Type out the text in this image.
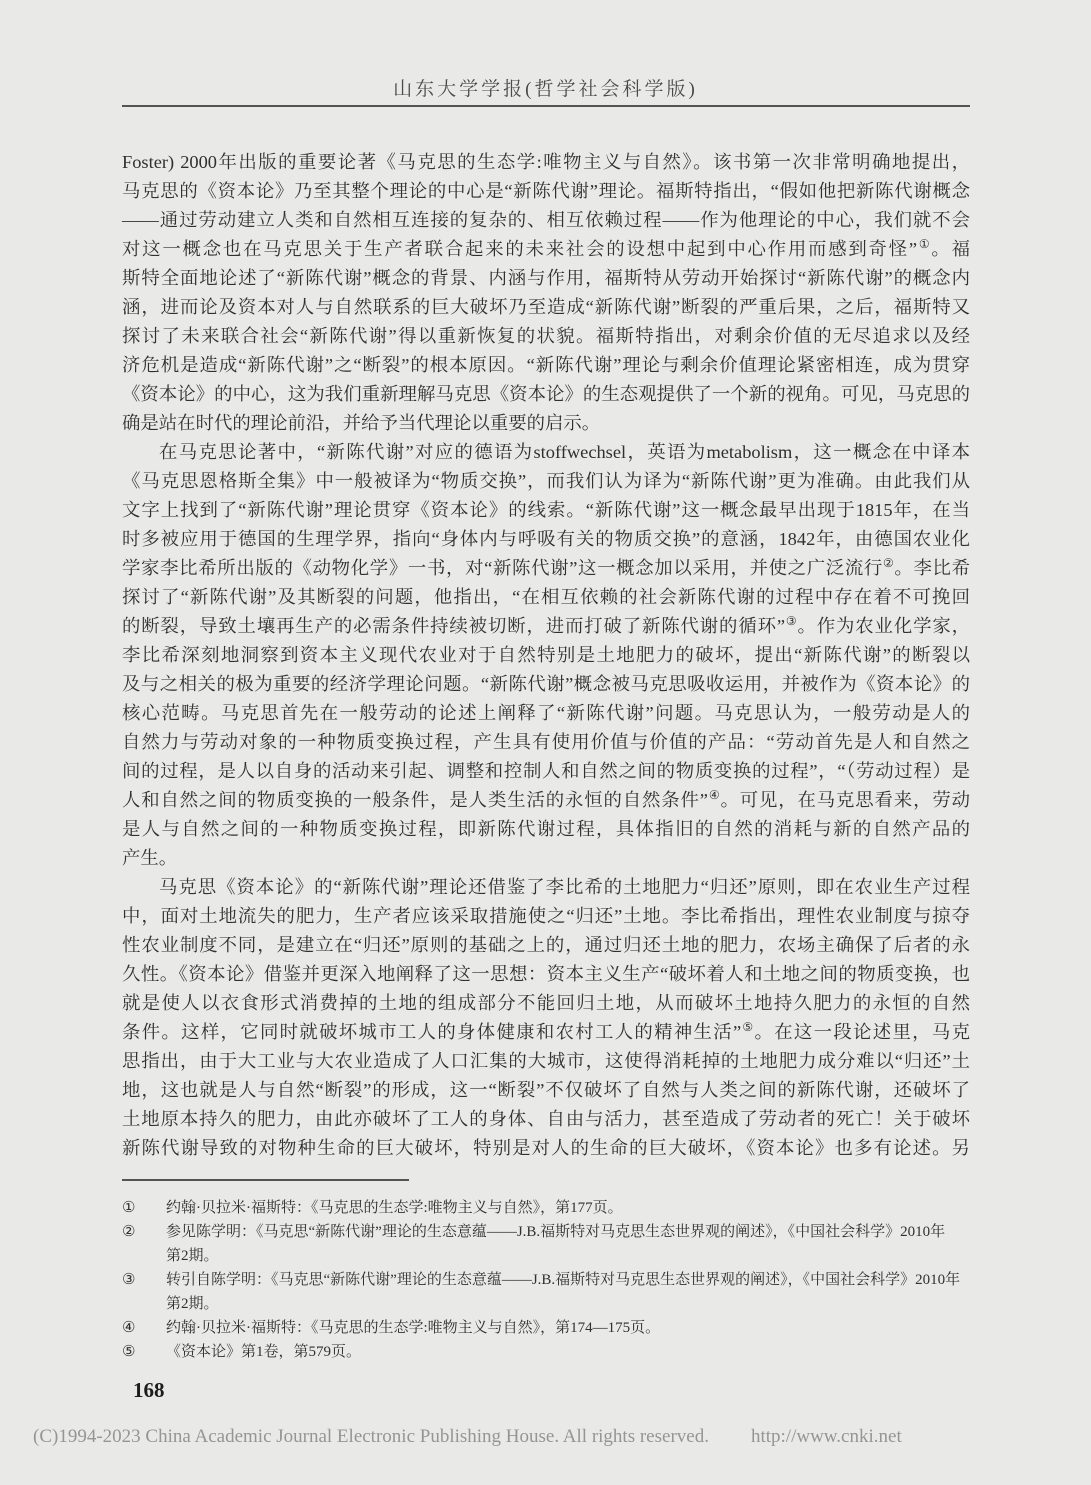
山东大学学报(哲学社会科学版)
Foster) 2000年出版的重要论著《马克思的生态学:唯物主义与自然》。该书第一次非常明确地提出，
马克思的《资本论》乃至其整个理论的中心是“新陈代谢”理论。福斯特指出，“假如他把新陈代谢概念
——通过劳动建立人类和自然相互连接的复杂的、相互依赖过程——作为他理论的中心，我们就不会
对这一概念也在马克思关于生产者联合起来的未来社会的设想中起到中心作用而感到奇怪”①。福
斯特全面地论述了“新陈代谢”概念的背景、内涵与作用，福斯特从劳动开始探讨“新陈代谢”的概念内
涵，进而论及资本对人与自然联系的巨大破坏乃至造成“新陈代谢”断裂的严重后果，之后，福斯特又
探讨了未来联合社会“新陈代谢”得以重新恢复的状貌。福斯特指出，对剩余价值的无尽追求以及经
济危机是造成“新陈代谢”之“断裂”的根本原因。“新陈代谢”理论与剩余价值理论紧密相连，成为贯穿
《资本论》的中心，这为我们重新理解马克思《资本论》的生态观提供了一个新的视角。可见，马克思的
确是站在时代的理论前沿，并给予当代理论以重要的启示。
在马克思论著中，“新陈代谢”对应的德语为stoffwechsel，英语为metabolism，这一概念在中译本
《马克思恩格斯全集》中一般被译为“物质交换”，而我们认为译为“新陈代谢”更为准确。由此我们从
文字上找到了“新陈代谢”理论贯穿《资本论》的线索。“新陈代谢”这一概念最早出现于1815年，在当
时多被应用于德国的生理学界，指向“身体内与呼吸有关的物质交换”的意涵，1842年，由德国农业化
学家李比希所出版的《动物化学》一书，对“新陈代谢”这一概念加以采用，并使之广泛流行②。李比希
探讨了“新陈代谢”及其断裂的问题，他指出，“在相互依赖的社会新陈代谢的过程中存在着不可挽回
的断裂，导致土壤再生产的必需条件持续被切断，进而打破了新陈代谢的循环”③。作为农业化学家，
李比希深刻地洞察到资本主义现代农业对于自然特别是土地肥力的破坏，提出“新陈代谢”的断裂以
及与之相关的极为重要的经济学理论问题。“新陈代谢”概念被马克思吸收运用，并被作为《资本论》的
核心范畴。马克思首先在一般劳动的论述上阐释了“新陈代谢”问题。马克思认为，一般劳动是人的
自然力与劳动对象的一种物质变换过程，产生具有使用价值与价值的产品：“劳动首先是人和自然之
间的过程，是人以自身的活动来引起、调整和控制人和自然之间的物质变换的过程”，“（劳动过程）是
人和自然之间的物质变换的一般条件，是人类生活的永恒的自然条件”④。可见，在马克思看来，劳动
是人与自然之间的一种物质变换过程，即新陈代谢过程，具体指旧的自然的消耗与新的自然产品的
产生。
马克思《资本论》的“新陈代谢”理论还借鉴了李比希的土地肥力“归还”原则，即在农业生产过程
中，面对土地流失的肥力，生产者应该采取措施使之“归还”土地。李比希指出，理性农业制度与掠夺
性农业制度不同，是建立在“归还”原则的基础之上的，通过归还土地的肥力，农场主确保了后者的永
久性。《资本论》借鉴并更深入地阐释了这一思想：资本主义生产“破坏着人和土地之间的物质变换，也
就是使人以衣食形式消费掉的土地的组成部分不能回归土地，从而破坏土地持久肥力的永恒的自然
条件。这样，它同时就破坏城市工人的身体健康和农村工人的精神生活”⑤。在这一段论述里，马克
思指出，由于大工业与大农业造成了人口汇集的大城市，这使得消耗掉的土地肥力成分难以“归还”土
地，这也就是人与自然“断裂”的形成，这一“断裂”不仅破坏了自然与人类之间的新陈代谢，还破坏了
土地原本持久的肥力，由此亦破坏了工人的身体、自由与活力，甚至造成了劳动者的死亡！关于破坏
新陈代谢导致的对物种生命的巨大破坏，特别是对人的生命的巨大破坏，《资本论》也多有论述。另
①	约翰·贝拉米·福斯特：《马克思的生态学:唯物主义与自然》，第177页。
②	参见陈学明：《马克思“新陈代谢”理论的生态意蕴——J.B.福斯特对马克思生态世界观的阐述》，《中国社会科学》2010年
第2期。
③	转引自陈学明：《马克思“新陈代谢”理论的生态意蕴——J.B.福斯特对马克思生态世界观的阐述》，《中国社会科学》2010年
第2期。
④	约翰·贝拉米·福斯特：《马克思的生态学:唯物主义与自然》，第174—175页。
⑤	《资本论》第1卷，第579页。
168
(C)1994-2023 China Academic Journal Electronic Publishing House. All rights reserved. http://www.cnki.net
